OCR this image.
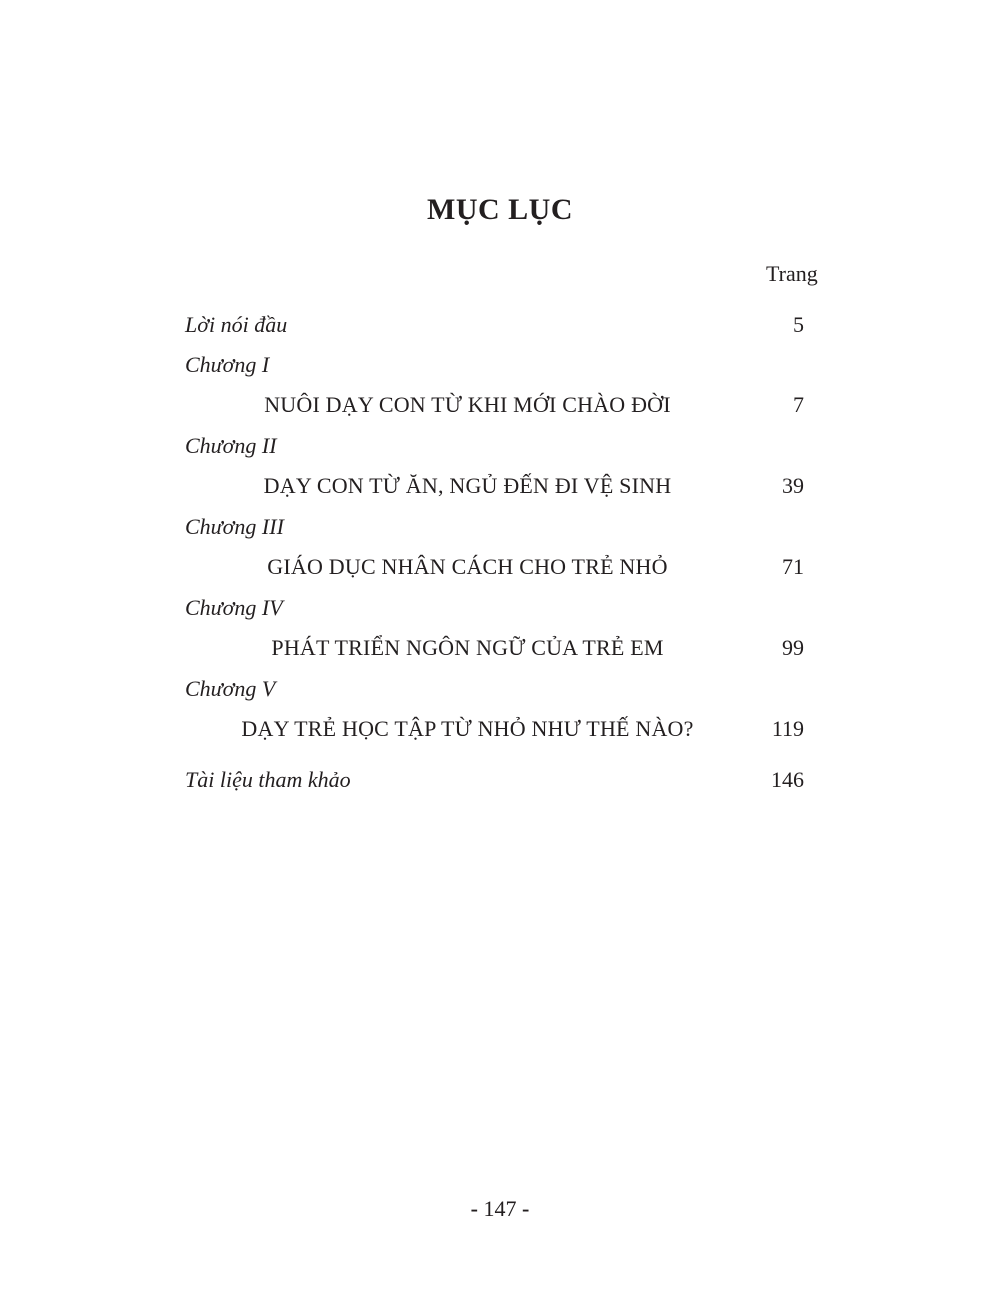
MỤC LỤC
Trang
Lời nói đầu	5
Chương I
NUÔI DẠY CON TỪ KHI MỚI CHÀO ĐỜI	7
Chương II
DẠY CON TỪ ĂN, NGỦ ĐẾN ĐI VỆ SINH	39
Chương III
GIÁO DỤC NHÂN CÁCH CHO TRẺ NHỎ	71
Chương IV
PHÁT TRIỂN NGÔN NGỮ CỦA TRẺ EM	99
Chương V
DẠY TRẺ HỌC TẬP TỪ NHỎ NHƯ THẾ NÀO?	119
Tài liệu tham khảo	146
- 147 -
